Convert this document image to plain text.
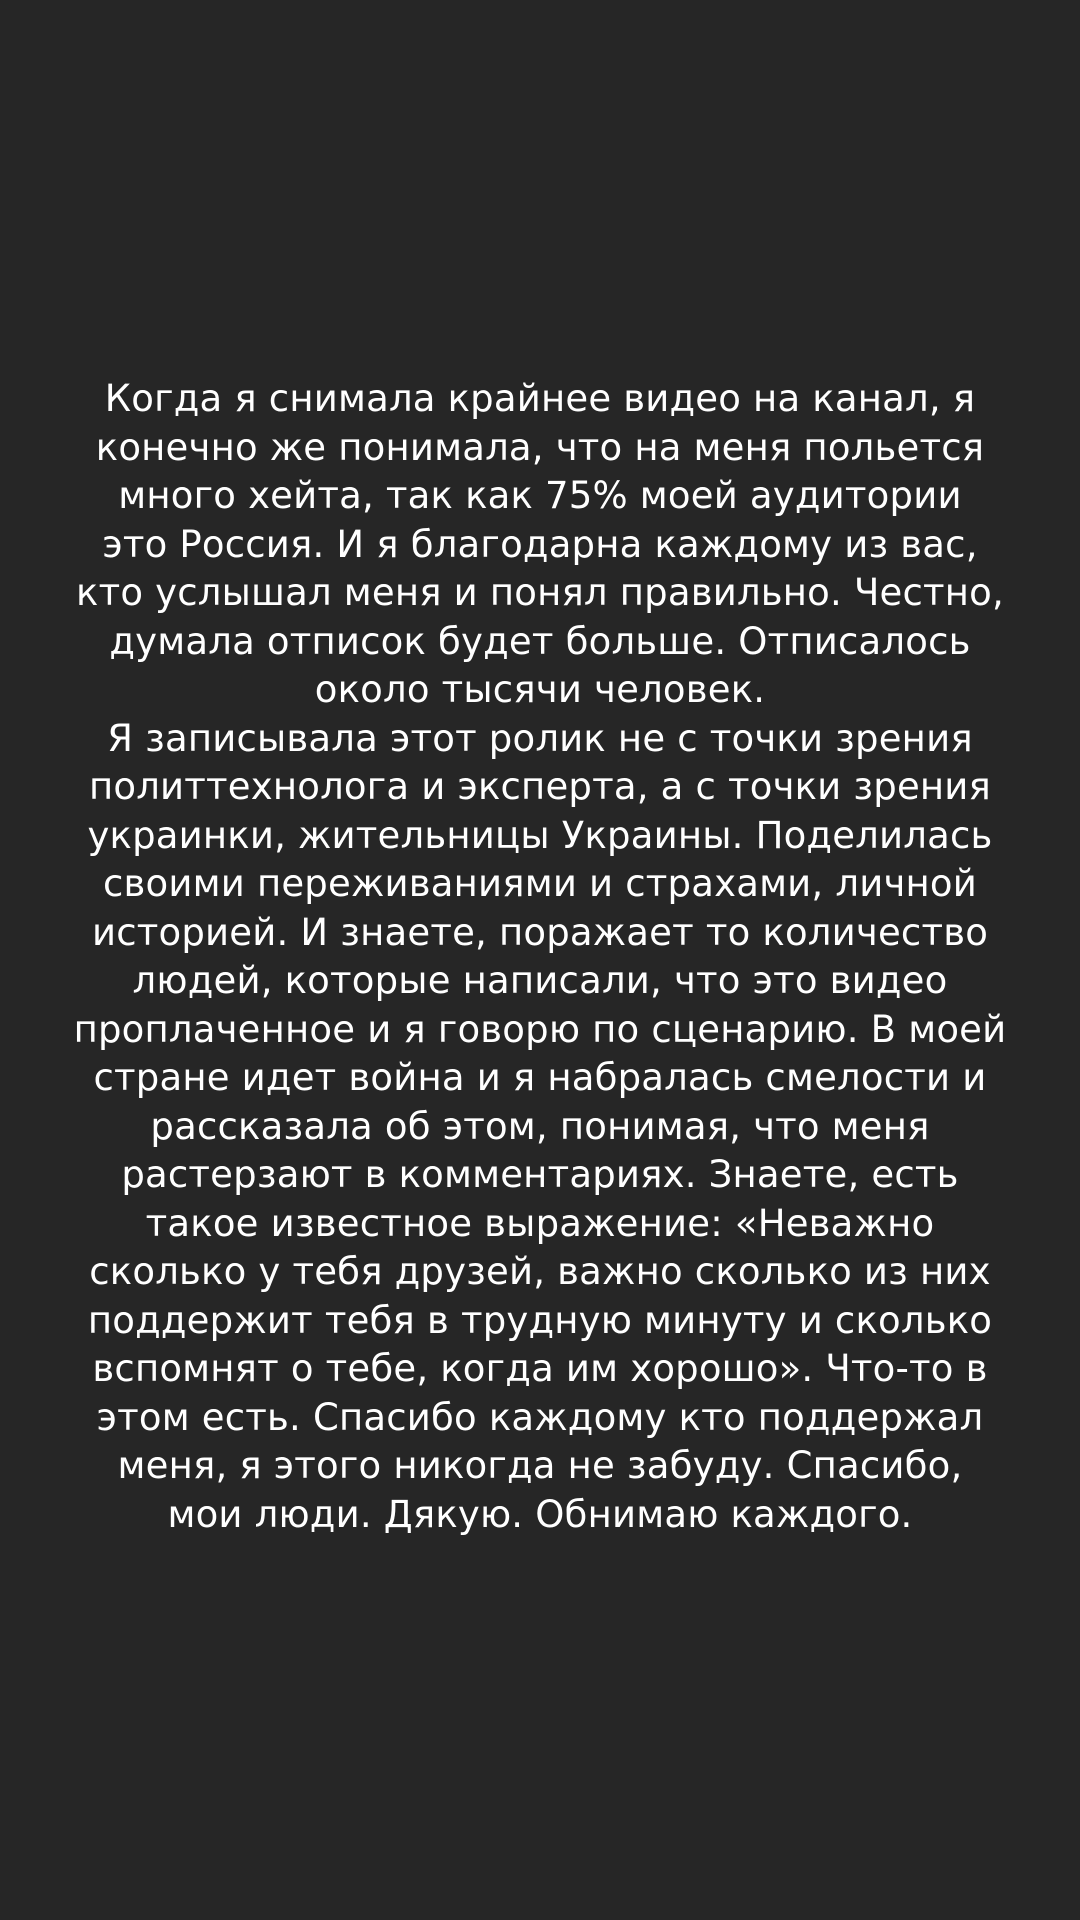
Когда я снимала крайнее видео на канал, я
конечно же понимала, что на меня польется
много хейта, так как 75% моей аудитории
это Россия. И я благодарна каждому из вас,
кто услышал меня и понял правильно. Честно,
думала отписок будет больше. Отписалось
около тысячи человек.
Я записывала этот ролик не с точки зрения
политтехнолога и эксперта, а с точки зрения
украинки, жительницы Украины. Поделилась
своими переживаниями и страхами, личной
историей. И знаете, поражает то количество
людей, которые написали, что это видео
проплаченное и я говорю по сценарию. В моей
стране идет война и я набралась смелости и
рассказала об этом, понимая, что меня
растерзают в комментариях. Знаете, есть
такое известное выражение: «Неважно
сколько у тебя друзей, важно сколько из них
поддержит тебя в трудную минуту и сколько
вспомнят о тебе, когда им хорошо». Что-то в
этом есть. Спасибо каждому кто поддержал
меня, я этого никогда не забуду. Спасибо,
мои люди. Дякую. Обнимаю каждого.
